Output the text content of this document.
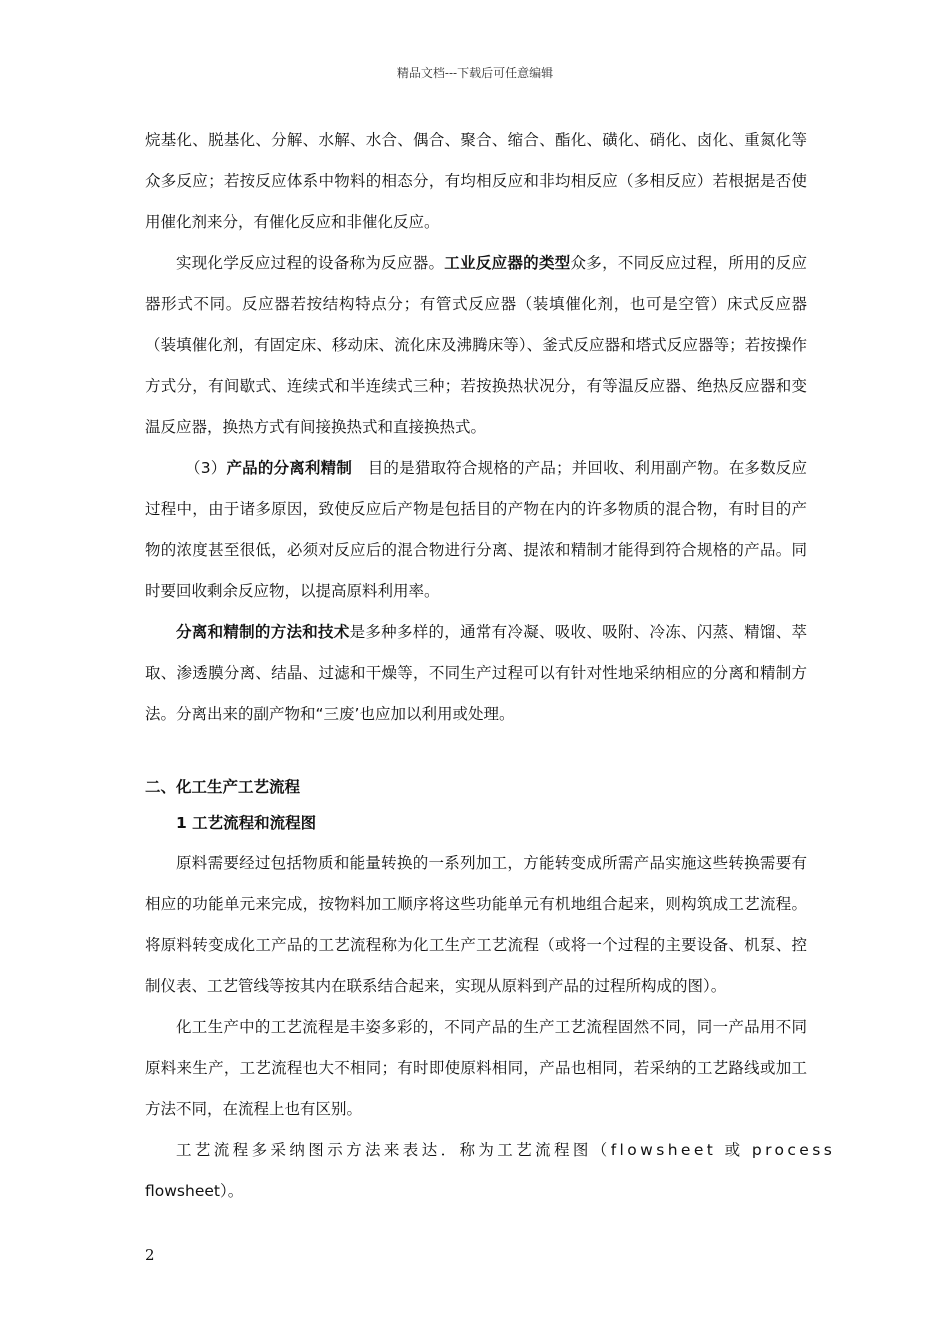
精品文档---下载后可任意编辑

烷基化、脱基化、分解、水解、水合、偶合、聚合、缩合、酯化、磺化、硝化、卤化、重氮化等众多反应；若按反应体系中物料的相态分，有均相反应和非均相反应（多相反应）若根据是否使用催化剂来分，有催化反应和非催化反应。

实现化学反应过程的设备称为反应器。工业反应器的类型众多，不同反应过程，所用的反应器形式不同。反应器若按结构特点分；有管式反应器（装填催化剂，也可是空管）床式反应器（装填催化剂，有固定床、移动床、流化床及沸腾床等）、釜式反应器和塔式反应器等；若按操作方式分，有间歇式、连续式和半连续式三种；若按换热状况分，有等温反应器、绝热反应器和变温反应器，换热方式有间接换热式和直接换热式。

（3）产品的分离利精制　目的是猎取符合规格的产品；并回收、利用副产物。在多数反应过程中，由于诸多原因，致使反应后产物是包括目的产物在内的许多物质的混合物，有时目的产物的浓度甚至很低，必须对反应后的混合物进行分离、提浓和精制才能得到符合规格的产品。同时要回收剩余反应物，以提高原料利用率。

分离和精制的方法和技术是多种多样的，通常有冷凝、吸收、吸附、冷冻、闪蒸、精馏、萃取、渗透膜分离、结晶、过滤和干燥等，不同生产过程可以有针对性地采纳相应的分离和精制方法。分离出来的副产物和“三废’也应加以利用或处理。

二、化工生产工艺流程

1 工艺流程和流程图

原料需要经过包括物质和能量转换的一系列加工，方能转变成所需产品实施这些转换需要有相应的功能单元来完成，按物料加工顺序将这些功能单元有机地组合起来，则构筑成工艺流程。将原料转变成化工产品的工艺流程称为化工生产工艺流程（或将一个过程的主要设备、机泵、控制仪表、工艺管线等按其内在联系结合起来，实现从原料到产品的过程所构成的图）。

化工生产中的工艺流程是丰姿多彩的，不同产品的生产工艺流程固然不同，同一产品用不同原料来生产，工艺流程也大不相同；有时即使原料相同，产品也相同，若采纳的工艺路线或加工方法不同，在流程上也有区别。

工艺流程多采纳图示方法来表达．称为工艺流程图（flowsheet 或 process

flowsheet）。

2
